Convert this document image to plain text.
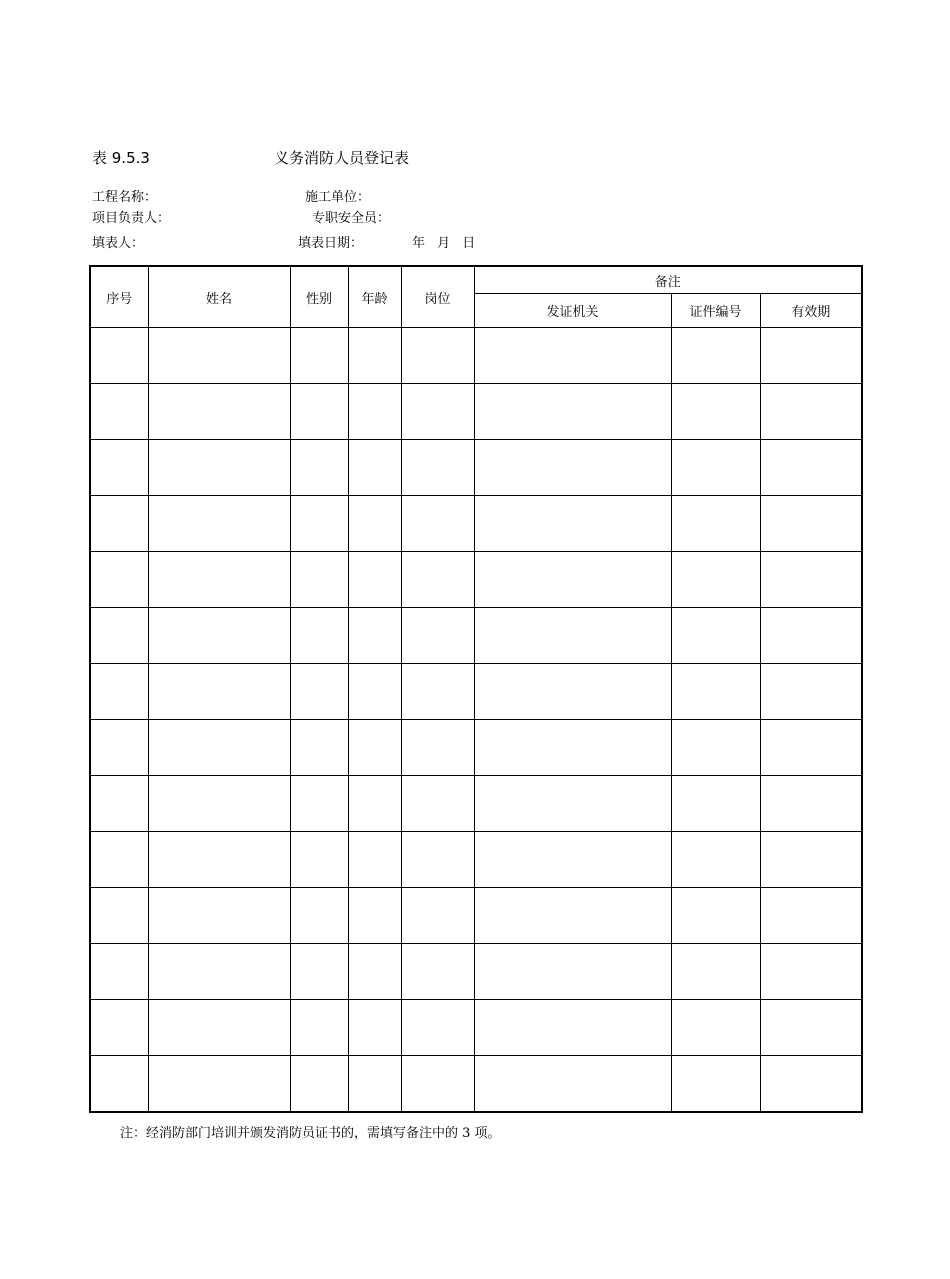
表 9.5.3	义务消防人员登记表
工程名称：	施工单位：
项目负责人：	专职安全员：
填表人：	填表日期：	年 月 日
序号	姓名	性别	年龄	岗位	备注		
					发证机关	证件编号	有效期

注：经消防部门培训并颁发消防员证书的，需填写备注中的 3 项。
